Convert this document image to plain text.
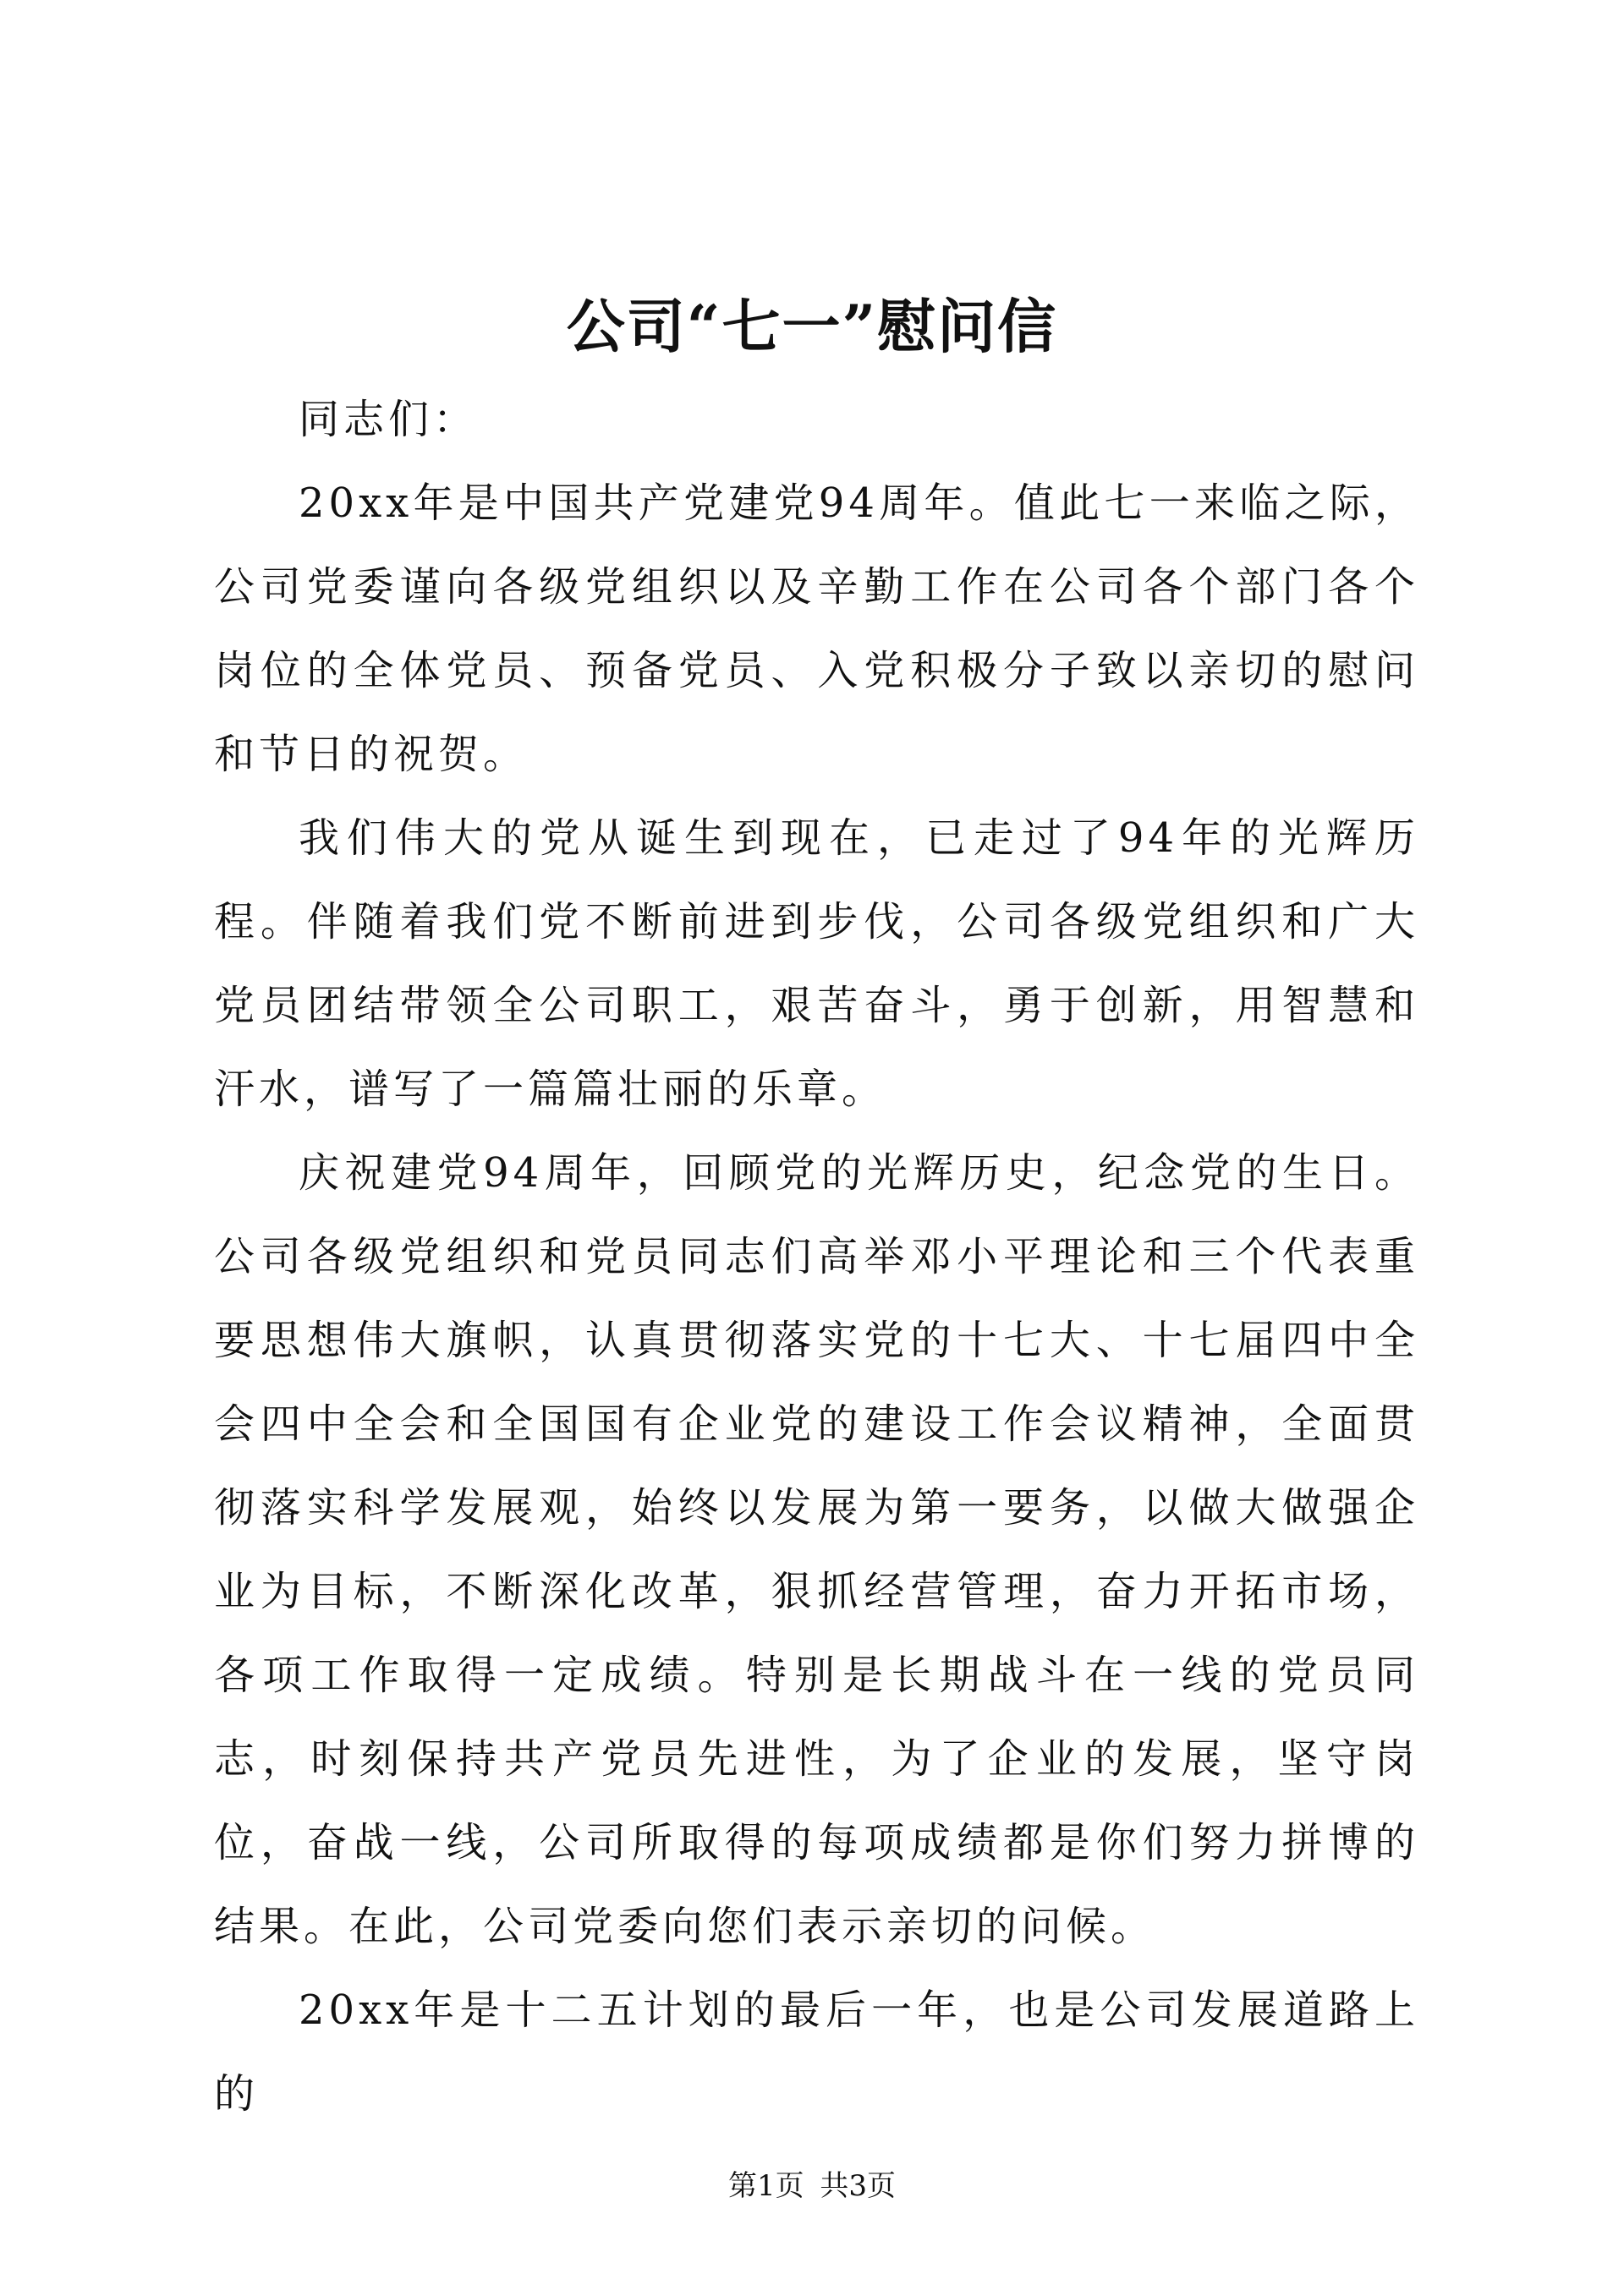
公司“七一”慰问信

同志们：

20xx年是中国共产党建党94周年。值此七一来临之际，公司党委谨向各级党组织以及辛勤工作在公司各个部门各个岗位的全体党员、预备党员、入党积极分子致以亲切的慰问和节日的祝贺。

我们伟大的党从诞生到现在，已走过了94年的光辉历程。伴随着我们党不断前进到步伐，公司各级党组织和广大党员团结带领全公司职工，艰苦奋斗，勇于创新，用智慧和汗水，谱写了一篇篇壮丽的乐章。

庆祝建党94周年，回顾党的光辉历史，纪念党的生日。公司各级党组织和党员同志们高举邓小平理论和三个代表重要思想伟大旗帜，认真贯彻落实党的十七大、十七届四中全会四中全会和全国国有企业党的建设工作会议精神，全面贯彻落实科学发展观，始终以发展为第一要务，以做大做强企业为目标，不断深化改革，狠抓经营管理，奋力开拓市场，各项工作取得一定成绩。特别是长期战斗在一线的党员同志，时刻保持共产党员先进性，为了企业的发展，坚守岗位，奋战一线，公司所取得的每项成绩都是你们努力拼博的结果。在此，公司党委向您们表示亲切的问候。

20xx年是十二五计划的最后一年，也是公司发展道路上的

第1页 共3页
